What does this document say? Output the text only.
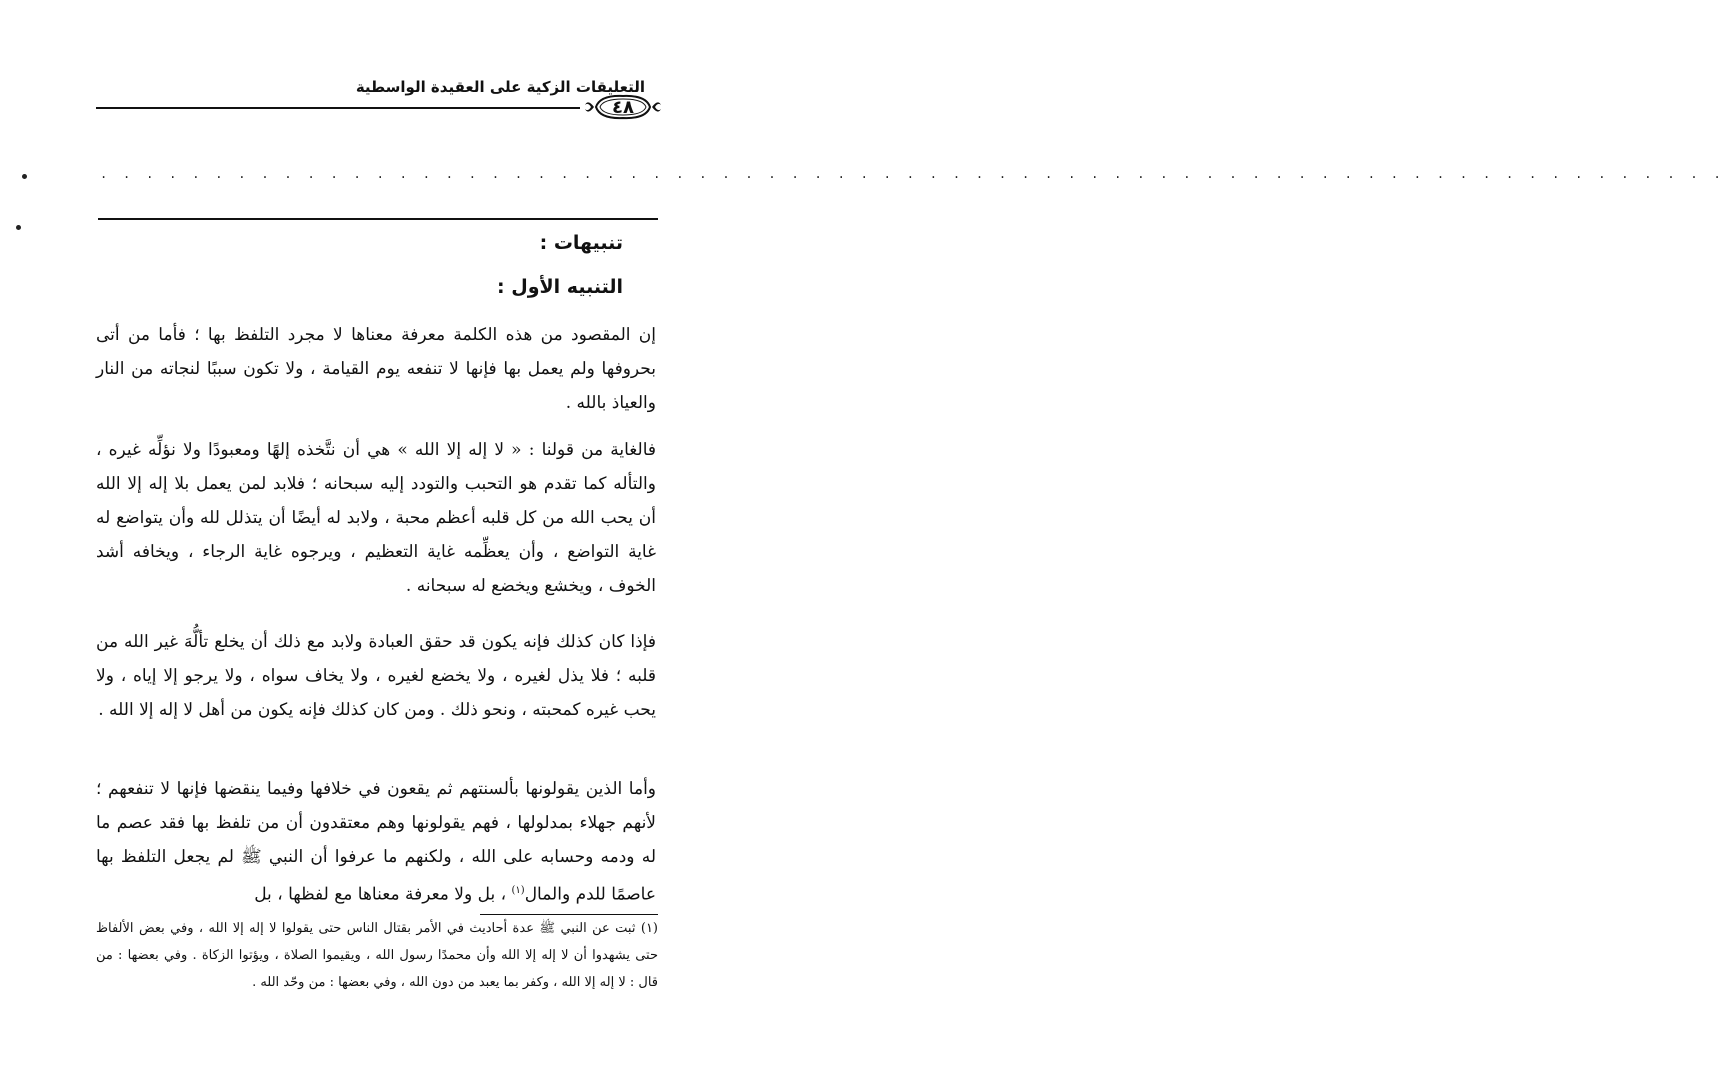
التعليقات الزكية على العقيدة الواسطية
٤٨
. . . . . . . . . . . . . . . . . . . . . . . . . . . . . . . . . . . . . . . . . . . . . . . . . . . . . . . . . . . . . . . . . . . . . . .
تنبيهات :
التنبيه الأول :
إن المقصود من هذه الكلمة معرفة معناها لا مجرد التلفظ بها ؛ فأما من أتى بحروفها ولم يعمل بها فإنها لا تنفعه يوم القيامة ، ولا تكون سببًا لنجاته من النار والعياذ بالله .
فالغاية من قولنا : « لا إله إلا الله » هي أن نتَّخذه إلهًا ومعبودًا ولا نؤلِّه غيره ، والتأله كما تقدم هو التحبب والتودد إليه سبحانه ؛ فلابد لمن يعمل بلا إله إلا الله أن يحب الله من كل قلبه أعظم محبة ، ولابد له أيضًا أن يتذلل لله وأن يتواضع له غاية التواضع ، وأن يعظِّمه غاية التعظيم ، ويرجوه غاية الرجاء ، ويخافه أشد الخوف ، ويخشع ويخضع له سبحانه .
فإذا كان كذلك فإنه يكون قد حقق العبادة ولابد مع ذلك أن يخلع تألُّهَ غير الله من قلبه ؛ فلا يذل لغيره ، ولا يخضع لغيره ، ولا يخاف سواه ، ولا يرجو إلا إياه ، ولا يحب غيره كمحبته ، ونحو ذلك . ومن كان كذلك فإنه يكون من أهل لا إله إلا الله .
وأما الذين يقولونها بألسنتهم ثم يقعون في خلافها وفيما ينقضها فإنها لا تنفعهم ؛ لأنهم جهلاء بمدلولها ، فهم يقولونها وهم معتقدون أن من تلفظ بها فقد عصم ما له ودمه وحسابه على الله ، ولكنهم ما عرفوا أن النبي ﷺ لم يجعل التلفظ بها عاصمًا للدم والمال$^{(١)}$ ، بل ولا معرفة معناها مع لفظها ، بل
(١) ثبت عن النبي ﷺ عدة أحاديث في الأمر بقتال الناس حتى يقولوا لا إله إلا الله ، وفي بعض الألفاظ حتى يشهدوا أن لا إله إلا الله وأن محمدًا رسول الله ، ويقيموا الصلاة ، ويؤتوا الزكاة . وفي بعضها : من قال : لا إله إلا الله ، وكفر بما يعبد من دون الله ، وفي بعضها : من وحّد الله .
